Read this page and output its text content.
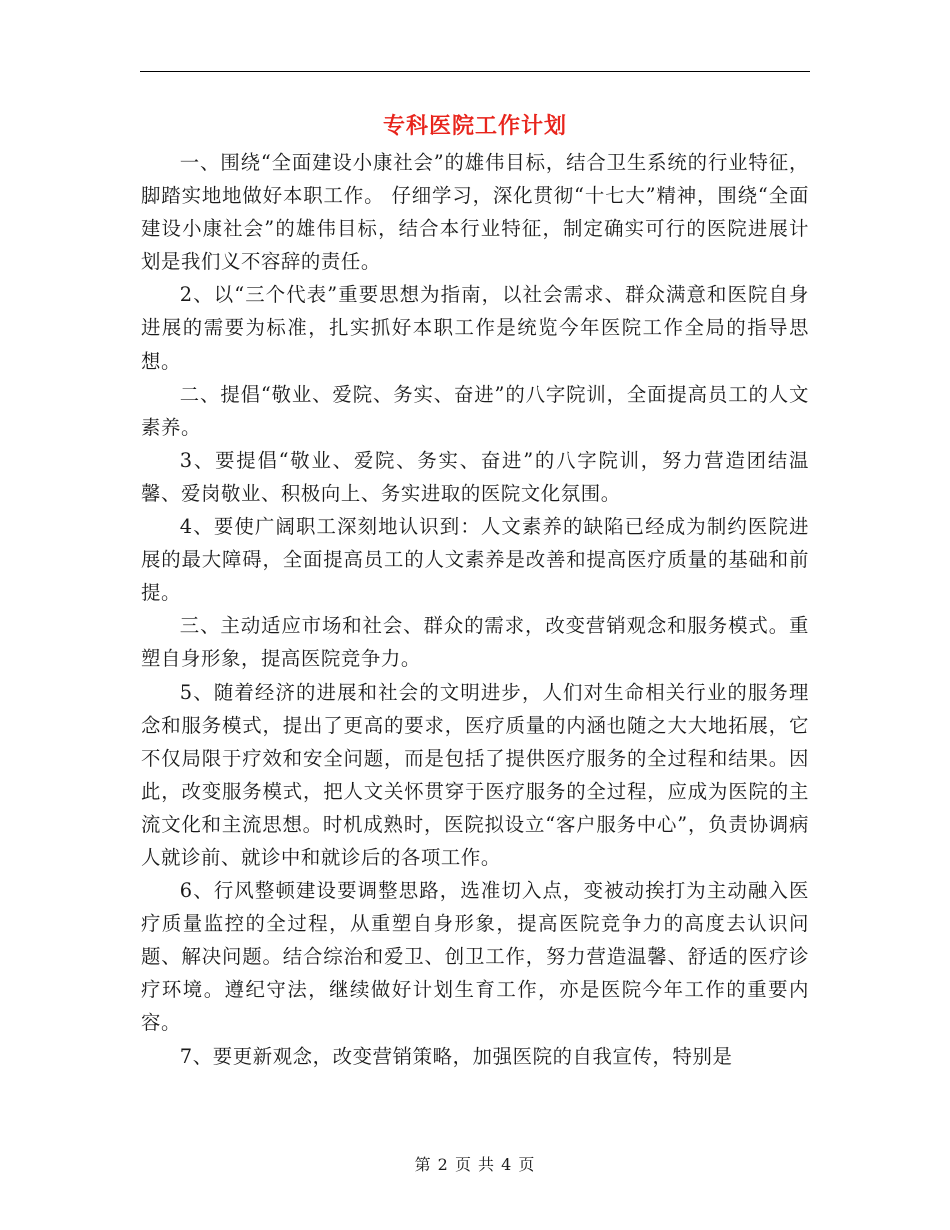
专科医院工作计划

一、围绕“全面建设小康社会”的雄伟目标，结合卫生系统的行业特征，脚踏实地地做好本职工作。 仔细学习，深化贯彻“十七大”精神，围绕“全面建设小康社会”的雄伟目标，结合本行业特征，制定确实可行的医院进展计划是我们义不容辞的责任。

2、以“三个代表”重要思想为指南，以社会需求、群众满意和医院自身进展的需要为标准，扎实抓好本职工作是统览今年医院工作全局的指导思想。

二、提倡“敬业、爱院、务实、奋进”的八字院训，全面提高员工的人文素养。

3、要提倡“敬业、爱院、务实、奋进”的八字院训，努力营造团结温馨、爱岗敬业、积极向上、务实进取的医院文化氛围。

4、要使广阔职工深刻地认识到：人文素养的缺陷已经成为制约医院进展的最大障碍，全面提高员工的人文素养是改善和提高医疗质量的基础和前提。

三、主动适应市场和社会、群众的需求，改变营销观念和服务模式。重塑自身形象，提高医院竞争力。

5、随着经济的进展和社会的文明进步，人们对生命相关行业的服务理念和服务模式，提出了更高的要求，医疗质量的内涵也随之大大地拓展，它不仅局限于疗效和安全问题，而是包括了提供医疗服务的全过程和结果。因此，改变服务模式，把人文关怀贯穿于医疗服务的全过程，应成为医院的主流文化和主流思想。时机成熟时，医院拟设立“客户服务中心”，负责协调病人就诊前、就诊中和就诊后的各项工作。

6、行风整顿建设要调整思路，选准切入点，变被动挨打为主动融入医疗质量监控的全过程，从重塑自身形象，提高医院竞争力的高度去认识问题、解决问题。结合综治和爱卫、创卫工作，努力营造温馨、舒适的医疗诊疗环境。遵纪守法，继续做好计划生育工作，亦是医院今年工作的重要内容。

7、要更新观念，改变营销策略，加强医院的自我宣传，特别是

第 2 页 共 4 页
